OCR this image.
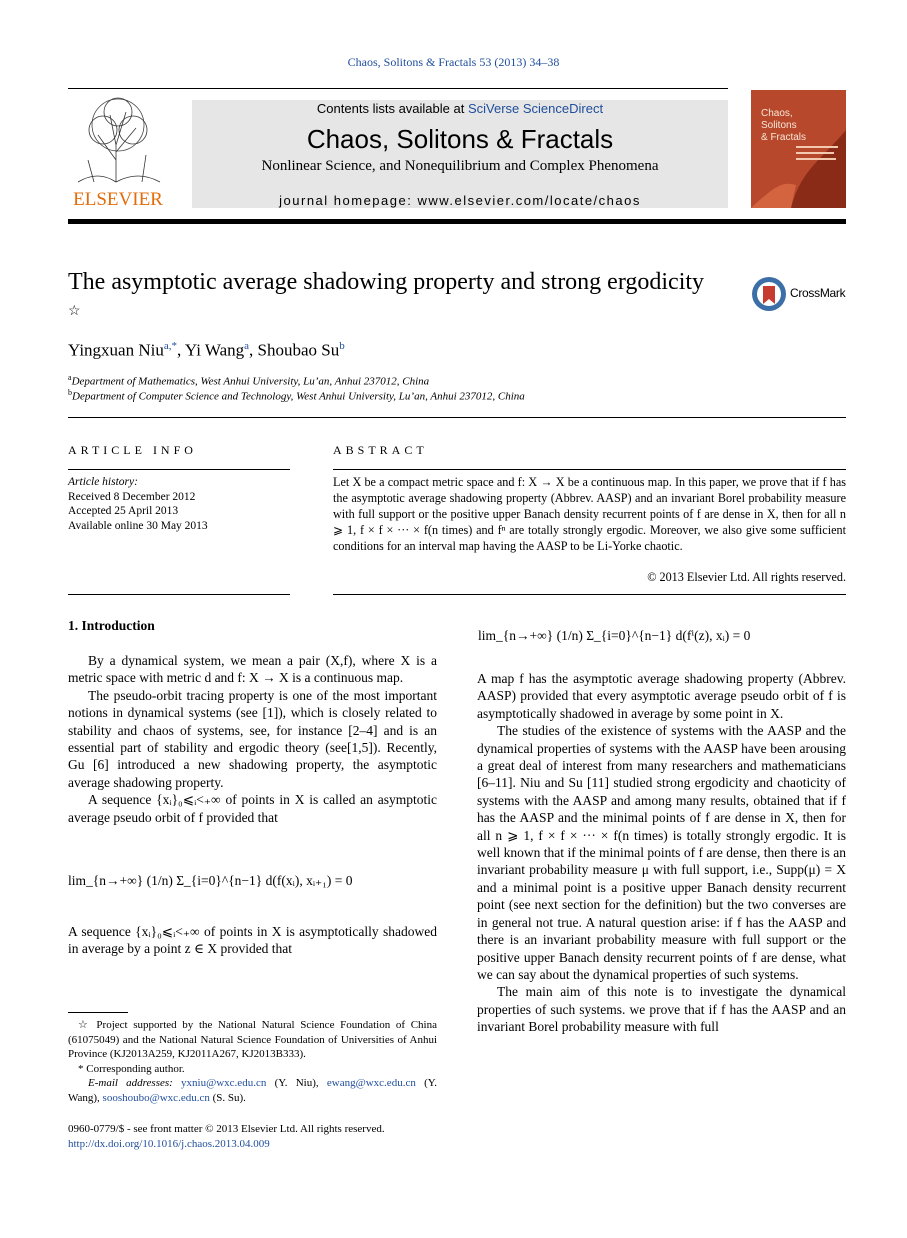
Chaos, Solitons & Fractals 53 (2013) 34–38
ELSEVIER
Contents lists available at SciVerse ScienceDirect
Chaos, Solitons & Fractals
Nonlinear Science, and Nonequilibrium and Complex Phenomena
journal homepage: www.elsevier.com/locate/chaos
Chaos,
Solitons
& Fractals
The asymptotic average shadowing property and strong ergodicity ☆
CrossMark
Yingxuan Niu$^{a,*}$, Yi Wang$^a$, Shoubao Su$^b$
$^a$Department of Mathematics, West Anhui University, Lu’an, Anhui 237012, China
$^b$Department of Computer Science and Technology, West Anhui University, Lu’an, Anhui 237012, China
ARTICLE INFO
Article history:
Received 8 December 2012
Accepted 25 April 2013
Available online 30 May 2013
ABSTRACT
Let X be a compact metric space and f: X → X be a continuous map. In this paper, we prove that if f has the asymptotic average shadowing property (Abbrev. AASP) and an invariant Borel probability measure with full support or the positive upper Banach density recurrent points of f are dense in X, then for all n ⩾ 1, f × f × ··· × f(n times) and fⁿ are totally strongly ergodic. Moreover, we also give some sufficient conditions for an interval map having the AASP to be Li-Yorke chaotic.
© 2013 Elsevier Ltd. All rights reserved.
1. Introduction

By a dynamical system, we mean a pair (X,f), where X is a metric space with metric d and f: X → X is a continuous map.

The pseudo-orbit tracing property is one of the most important notions in dynamical systems (see [1]), which is closely related to stability and chaos of systems, see, for instance [2–4] and is an essential part of stability and ergodic theory (see[1,5]). Recently, Gu [6] introduced a new shadowing property, the asymptotic average shadowing property.

A sequence {xᵢ}₀⩽ᵢ<₊∞ of points in X is called an asymptotic average pseudo orbit of f provided that

lim_{n→+∞} (1/n) Σ_{i=0}^{n−1} d(f(xᵢ), xᵢ₊₁) = 0

A sequence {xᵢ}₀⩽ᵢ<₊∞ of points in X is asymptotically shadowed in average by a point z ∈ X provided that

☆ Project supported by the National Natural Science Foundation of China (61075049) and the National Natural Science Foundation of Universities of Anhui Province (KJ2013A259, KJ2011A267, KJ2013B333).
* Corresponding author.
E-mail addresses: yxniu@wxc.edu.cn (Y. Niu), ewang@wxc.edu.cn (Y. Wang), sooshoubo@wxc.edu.cn (S. Su).
0960-0779/$ - see front matter © 2013 Elsevier Ltd. All rights reserved.
http://dx.doi.org/10.1016/j.chaos.2013.04.009
lim_{n→+∞} (1/n) Σ_{i=0}^{n−1} d(fⁱ(z), xᵢ) = 0

A map f has the asymptotic average shadowing property (Abbrev. AASP) provided that every asymptotic average pseudo orbit of f is asymptotically shadowed in average by some point in X.

The studies of the existence of systems with the AASP and the dynamical properties of systems with the AASP have been arousing a great deal of interest from many researchers and mathematicians [6–11]. Niu and Su [11] studied strong ergodicity and chaoticity of systems with the AASP and among many results, obtained that if f has the AASP and the minimal points of f are dense in X, then for all n ⩾ 1, f × f × ··· × f(n times) is totally strongly ergodic. It is well known that if the minimal points of f are dense, then there is an invariant probability measure μ with full support, i.e., Supp(μ) = X and a minimal point is a positive upper Banach density recurrent point (see next section for the definition) but the two converses are in general not true. A natural question arise: if f has the AASP and there is an invariant probability measure with full support or the positive upper Banach density recurrent points of f are dense, what we can say about the dynamical properties of such systems.

The main aim of this note is to investigate the dynamical properties of such systems. we prove that if f has the AASP and an invariant Borel probability measure with full
